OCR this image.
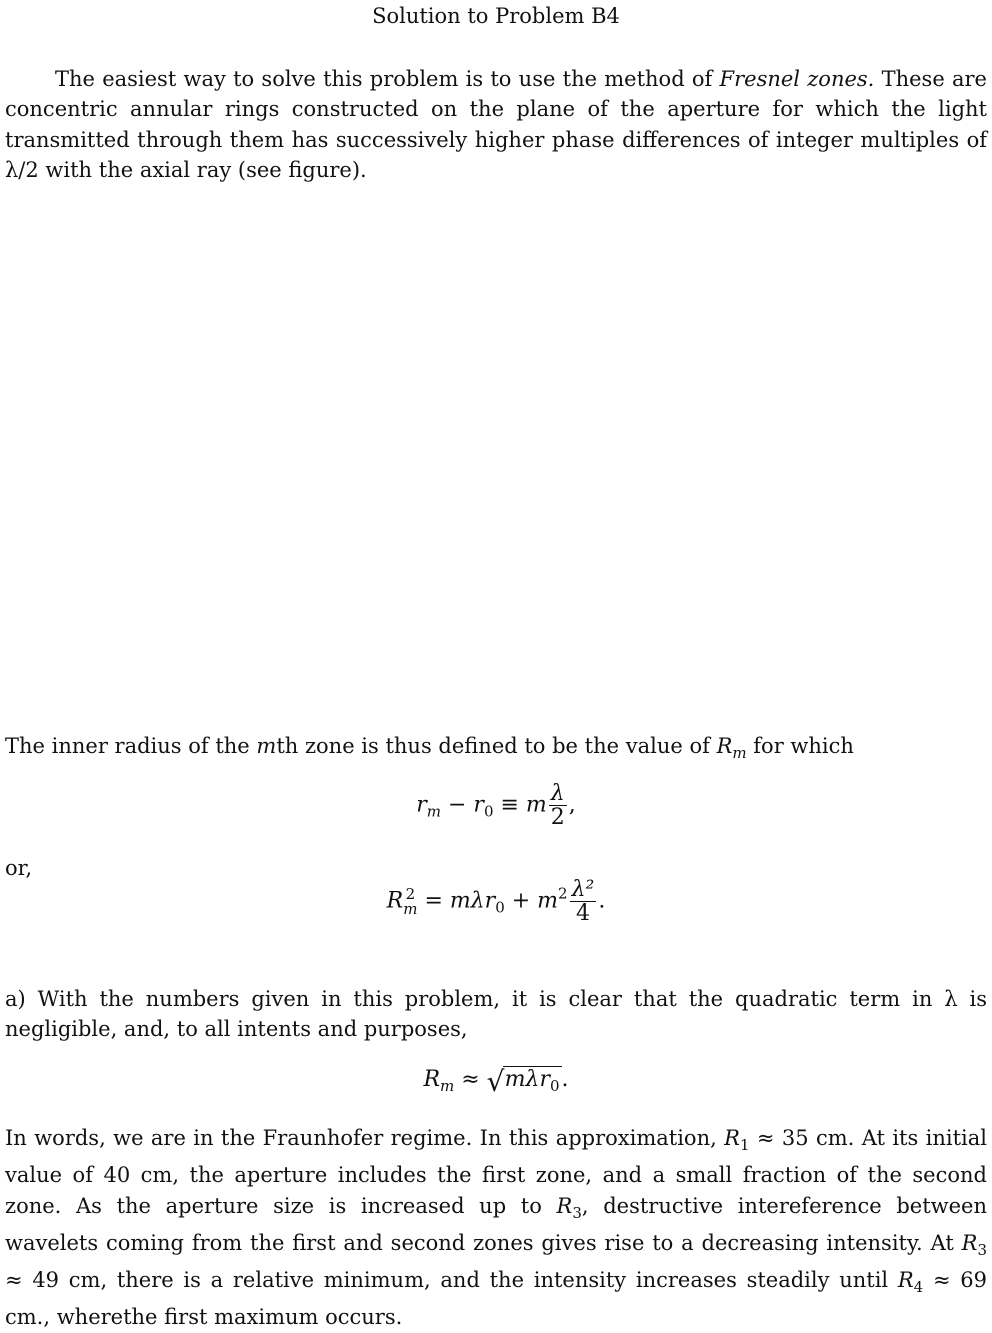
Solution to Problem B4

The easiest way to solve this problem is to use the method of Fresnel zones. These are concentric annular rings constructed on the plane of the aperture for which the light transmitted through them has successively higher phase differences of integer multiples of λ/2 with the axial ray (see figure).

The inner radius of the mth zone is thus defined to be the value of $R_m$ for which

$r_m - r_0 \equiv m \frac{\lambda}{2}$ ,
or,
R 2
$m = m\lambda r_0 + m^2 \frac{\text{λ²}}{4}$ .

a) With the numbers given in this problem, it is clear that the quadratic term in λ is negligible, and, to all intents and purposes,

$R_m$ ≈ √ mλr$_0$.

In words, we are in the Fraunhofer regime. In this approximation, $R_1 \approx 35$ cm. At its initial value of 40 cm, the aperture includes the first zone, and a small fraction of the second zone. As the aperture size is increased up to $R_3$, destructive intereference between wavelets coming from the first and second zones gives rise to a decreasing intensity. At $R_3 \approx 49$ cm, there is a relative minimum, and the intensity increases steadily until $R_4 \approx 69$ cm., wherethe first maximum occurs.
